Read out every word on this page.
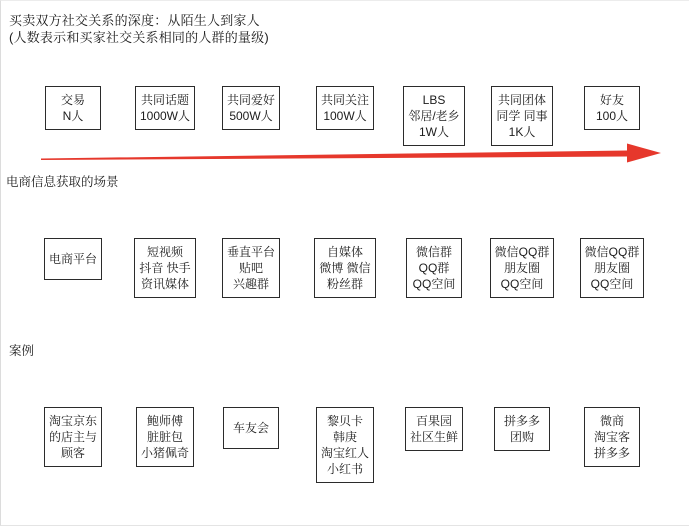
买卖双方社交关系的深度：从陌生人到家人
(人数表示和买家社交关系相同的人群的量级)
交易
N人
共同话题
1000W人
共同爱好
500W人
共同关注
100W人
LBS
邻居/老乡
1W人
共同团体
同学 同事
1K人
好友
100人
电商信息获取的场景
电商平台	短视频
抖音 快手
资讯媒体
垂直平台
贴吧
兴趣群
自媒体
微博 微信
粉丝群
微信群
QQ群
QQ空间
微信QQ群
朋友圈
QQ空间
微信QQ群
朋友圈
QQ空间
案例
淘宝京东
的店主与
顾客
鲍师傅
脏脏包
小猪佩奇
车友会	黎贝卡
韩庚
淘宝红人
小红书
百果园
社区生鲜
拼多多
团购
微商
淘宝客
拼多多
